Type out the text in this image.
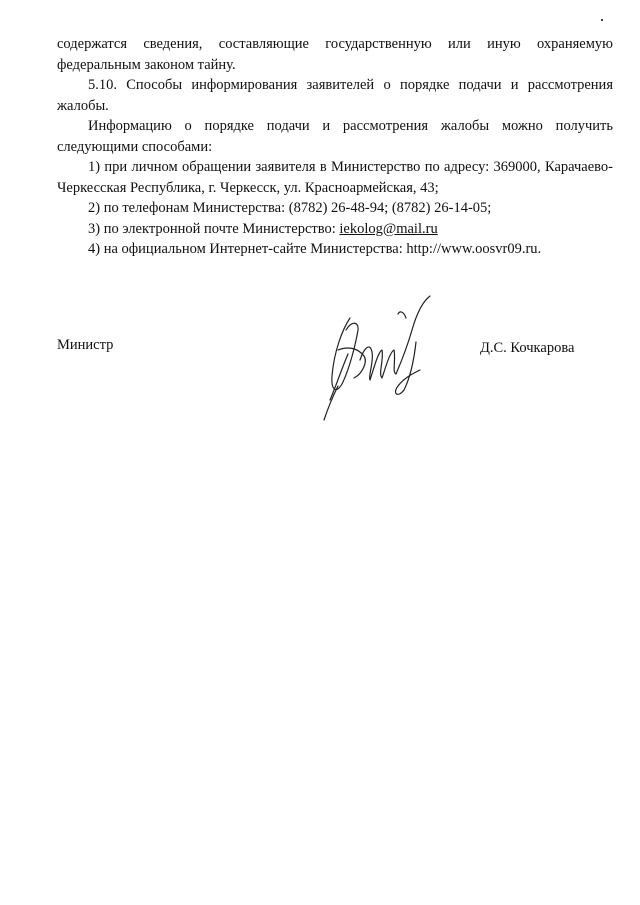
содержатся сведения, составляющие государственную или иную охраняемую федеральным законом тайну.

5.10. Способы информирования заявителей о порядке подачи и рассмотрения жалобы.

Информацию о порядке подачи и рассмотрения жалобы можно получить следующими способами:

1) при личном обращении заявителя в Министерство по адресу: 369000, Карачаево-Черкесская Республика, г. Черкесск, ул. Красноармейская, 43;

2) по телефонам Министерства: (8782) 26-48-94; (8782) 26-14-05;

3) по электронной почте Министерство: iekolog@mail.ru

4) на официальном Интернет-сайте Министерства: http://www.oosvr09.ru.

Министр	Д.С. Кочкарова
